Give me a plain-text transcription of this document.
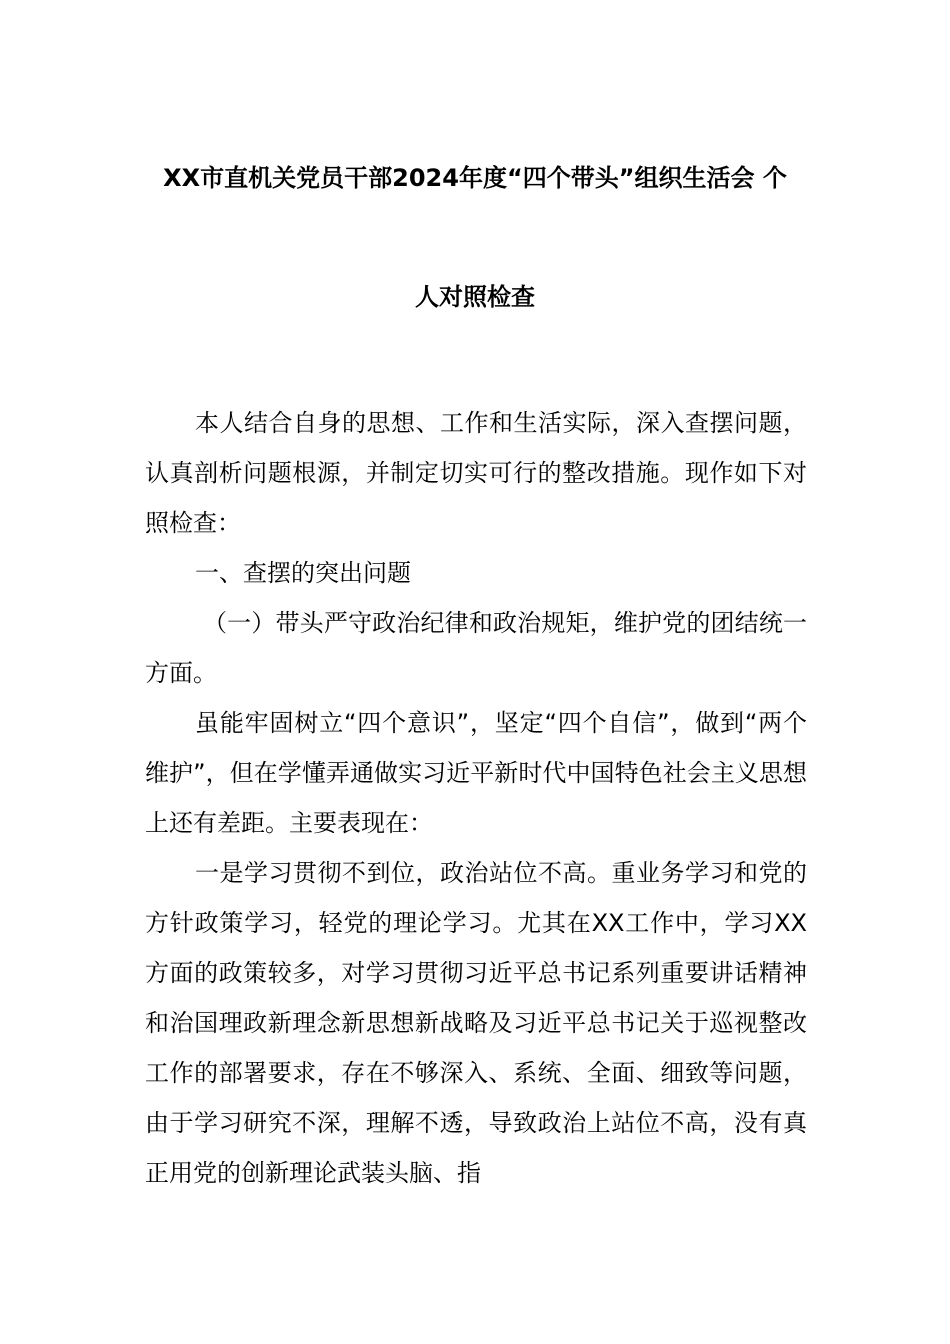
XX市直机关党员干部2024年度“四个带头”组织生活会 个
人对照检查

本人结合自身的思想、工作和生活实际，深入查摆问题，认真剖析问题根源，并制定切实可行的整改措施。现作如下对照检查：

一、查摆的突出问题

（一）带头严守政治纪律和政治规矩，维护党的团结统一方面。

虽能牢固树立“四个意识”，坚定“四个自信”，做到“两个维护”，但在学懂弄通做实习近平新时代中国特色社会主义思想上还有差距。主要表现在：

一是学习贯彻不到位，政治站位不高。重业务学习和党的方针政策学习，轻党的理论学习。尤其在XX工作中，学习XX方面的政策较多，对学习贯彻习近平总书记系列重要讲话精神和治国理政新理念新思想新战略及习近平总书记关于巡视整改工作的部署要求，存在不够深入、系统、全面、细致等问题，由于学习研究不深，理解不透，导致政治上站位不高，没有真正用党的创新理论武装头脑、指
